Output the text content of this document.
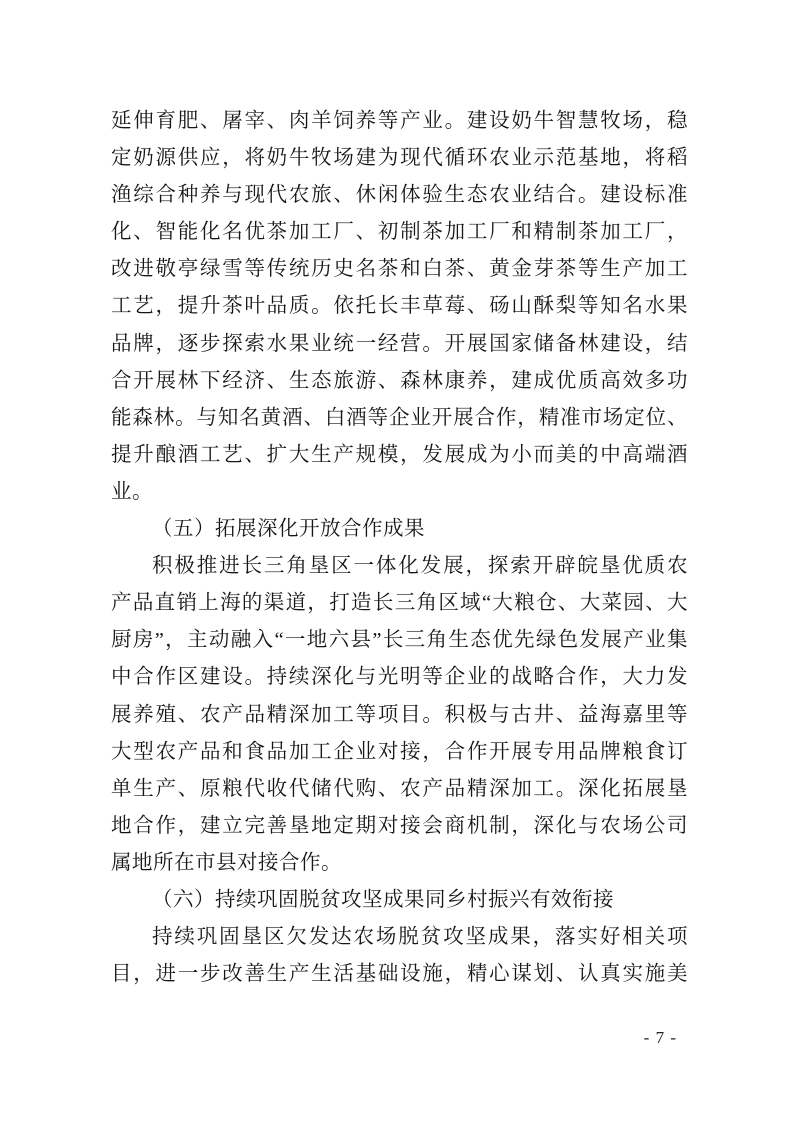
延伸育肥、屠宰、肉羊饲养等产业。建设奶牛智慧牧场，稳
定奶源供应，将奶牛牧场建为现代循环农业示范基地，将稻
渔综合种养与现代农旅、休闲体验生态农业结合。建设标准
化、智能化名优茶加工厂、初制茶加工厂和精制茶加工厂，
改进敬亭绿雪等传统历史名茶和白茶、黄金芽茶等生产加工
工艺，提升茶叶品质。依托长丰草莓、砀山酥梨等知名水果
品牌，逐步探索水果业统一经营。开展国家储备林建设，结
合开展林下经济、生态旅游、森林康养，建成优质高效多功
能森林。与知名黄酒、白酒等企业开展合作，精准市场定位、
提升酿酒工艺、扩大生产规模，发展成为小而美的中高端酒
业。
（五）拓展深化开放合作成果
积极推进长三角垦区一体化发展，探索开辟皖垦优质农
产品直销上海的渠道，打造长三角区域“大粮仓、大菜园、大
厨房”，主动融入“一地六县”长三角生态优先绿色发展产业集
中合作区建设。持续深化与光明等企业的战略合作，大力发
展养殖、农产品精深加工等项目。积极与古井、益海嘉里等
大型农产品和食品加工企业对接，合作开展专用品牌粮食订
单生产、原粮代收代储代购、农产品精深加工。深化拓展垦
地合作，建立完善垦地定期对接会商机制，深化与农场公司
属地所在市县对接合作。
（六）持续巩固脱贫攻坚成果同乡村振兴有效衔接
持续巩固垦区欠发达农场脱贫攻坚成果，落实好相关项
目，进一步改善生产生活基础设施，精心谋划、认真实施美
- 7 -
